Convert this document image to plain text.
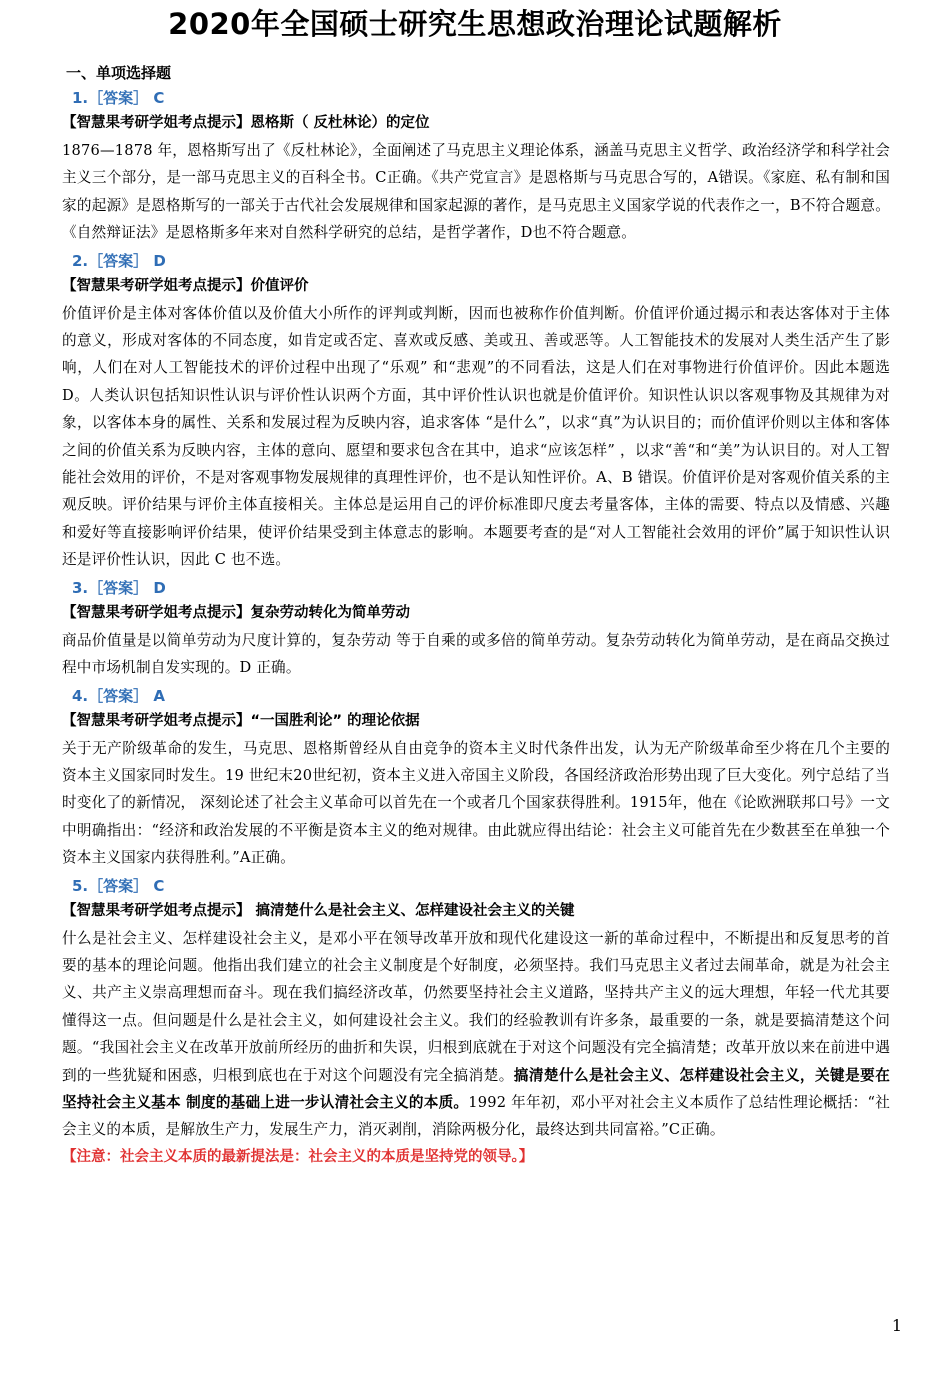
2020年全国硕士研究生思想政治理论试题解析
一、单项选择题
1.［答案］ C
【智慧果考研学姐考点提示】恩格斯（ 反杜林论）的定位
1876—1878 年，恩格斯写出了《反杜林论》，全面阐述了马克思主义理论体系，涵盖马克思主义哲学、政治经济学和科学社会主义三个部分，是一部马克思主义的百科全书。C正确。《共产党宣言》是恩格斯与马克思合写的，A错误。《家庭、私有制和国家的起源》是恩格斯写的一部关于古代社会发展规律和国家起源的著作，是马克思主义国家学说的代表作之一，B不符合题意。《自然辩证法》是恩格斯多年来对自然科学研究的总结，是哲学著作，D也不符合题意。
2.［答案］ D
【智慧果考研学姐考点提示】价值评价
价值评价是主体对客体价值以及价值大小所作的评判或判断，因而也被称作价值判断。价值评价通过揭示和表达客体对于主体的意义，形成对客体的不同态度，如肯定或否定、喜欢或反感、美或丑、善或恶等。人工智能技术的发展对人类生活产生了影响，人们在对人工智能技术的评价过程中出现了“乐观” 和“悲观”的不同看法，这是人们在对事物进行价值评价。因此本题选 D。人类认识包括知识性认识与评价性认识两个方面，其中评价性认识也就是价值评价。知识性认识以客观事物及其规律为对象，以客体本身的属性、关系和发展过程为反映内容，追求客体 “是什么”，以求“真”为认识目的；而价值评价则以主体和客体之间的价值关系为反映内容，主体的意向、愿望和要求包含在其中，追求“应该怎样” ，以求“善“和“美”为认识目的。对人工智能社会效用的评价，不是对客观事物发展规律的真理性评价，也不是认知性评价。A、B 错误。价值评价是对客观价值关系的主观反映。评价结果与评价主体直接相关。主体总是运用自己的评价标准即尺度去考量客体，主体的需要、特点以及情感、兴趣和爱好等直接影响评价结果，使评价结果受到主体意志的影响。本题要考查的是“对人工智能社会效用的评价”属于知识性认识还是评价性认识，因此 C 也不选。
3.［答案］ D
【智慧果考研学姐考点提示】复杂劳动转化为简单劳动
商品价值量是以简单劳动为尺度计算的，复杂劳动 等于自乘的或多倍的简单劳动。复杂劳动转化为简单劳动，是在商品交换过程中市场机制自发实现的。D 正确。
4.［答案］ A
【智慧果考研学姐考点提示】“一国胜利论” 的理论依据
关于无产阶级革命的发生，马克思、恩格斯曾经从自由竞争的资本主义时代条件出发，认为无产阶级革命至少将在几个主要的资本主义国家同时发生。19 世纪末20世纪初，资本主义进入帝国主义阶段，各国经济政治形势出现了巨大变化。列宁总结了当时变化了的新情况， 深刻论述了社会主义革命可以首先在一个或者几个国家获得胜利。1915年，他在《论欧洲联邦口号》一文中明确指出：“经济和政治发展的不平衡是资本主义的绝对规律。由此就应得出结论：社会主义可能首先在少数甚至在单独一个资本主义国家内获得胜利。”A正确。
5.［答案］ C
【智慧果考研学姐考点提示】 搞清楚什么是社会主义、怎样建设社会主义的关键
什么是社会主义、怎样建设社会主义，是邓小平在领导改革开放和现代化建设这一新的革命过程中，不断提出和反复思考的首要的基本的理论问题。他指出我们建立的社会主义制度是个好制度，必须坚持。我们马克思主义者过去闹革命，就是为社会主义、共产主义崇高理想而奋斗。现在我们搞经济改革，仍然要坚持社会主义道路，坚持共产主义的远大理想，年轻一代尤其要懂得这一点。但问题是什么是社会主义，如何建设社会主义。我们的经验教训有许多条，最重要的一条，就是要搞清楚这个问题。“我国社会主义在改革开放前所经历的曲折和失误，归根到底就在于对这个问题没有完全搞清楚；改革开放以来在前进中遇到的一些犹疑和困惑，归根到底也在于对这个问题没有完全搞消楚。搞清楚什么是社会主义、怎样建设社会主义，关键是要在坚持社会主义基本 制度的基础上进一步认清社会主义的本质。1992 年年初，邓小平对社会主义本质作了总结性理论概括：“社会主义的本质，是解放生产力，发展生产力，消灭剥削，消除两极分化，最终达到共同富裕。”C正确。
【注意：社会主义本质的最新提法是：社会主义的本质是坚持党的领导。】
1
